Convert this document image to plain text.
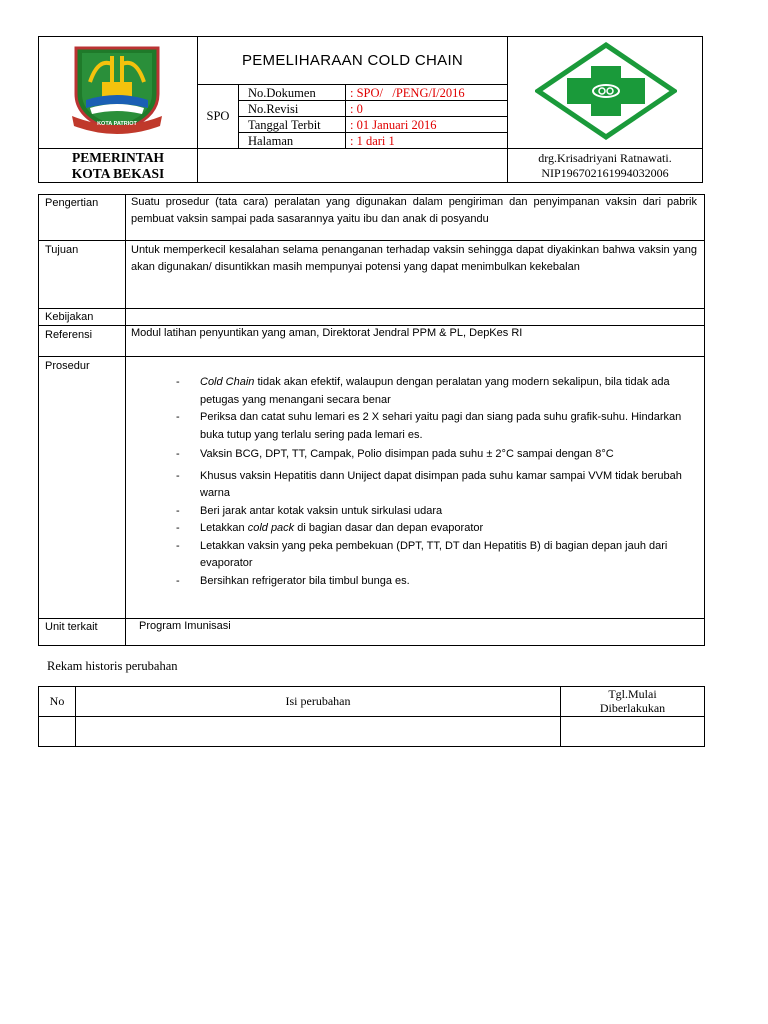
KOTA PATRIOT
PEMELIHARAAN COLD CHAIN
SPO
No.Dokumen	: SPO/   /PENG/I/2016
No.Revisi	: 0
Tanggal Terbit : 01 Januari 2016
Halaman	: 1 dari 1
PEMERINTAH
KOTA BEKASI
drg.Krisadriyani Ratnawati.
NIP196702161994032006
Pengertian	Suatu prosedur (tata cara) peralatan yang digunakan dalam pengiriman dan penyimpanan vaksin dari pabrik pembuat vaksin sampai pada sasarannya yaitu ibu dan anak di posyandu
Tujuan	Untuk memperkecil kesalahan selama penanganan terhadap vaksin sehingga dapat diyakinkan bahwa vaksin yang akan digunakan/ disuntikkan masih mempunyai potensi yang dapat menimbulkan kekebalan
Kebijakan
Referensi	Modul latihan penyuntikan yang aman, Direktorat Jendral PPM & PL, DepKes RI
Prosedur
- Cold Chain tidak akan efektif, walaupun dengan peralatan yang modern sekalipun, bila tidak ada petugas yang menangani secara benar
- Periksa dan catat suhu lemari es 2 X sehari yaitu pagi dan siang pada suhu grafik-suhu. Hindarkan buka tutup yang terlalu sering pada lemari es.
- Vaksin BCG, DPT, TT, Campak, Polio disimpan pada suhu ± 2°C sampai dengan 8°C
- Khusus vaksin Hepatitis dann Uniject dapat disimpan pada suhu kamar sampai VVM tidak berubah warna
- Beri jarak antar kotak vaksin untuk sirkulasi udara
- Letakkan cold pack di bagian dasar dan depan evaporator
- Letakkan vaksin yang peka pembekuan (DPT, TT, DT dan Hepatitis B) di bagian depan jauh dari evaporator
- Bersihkan refrigerator bila timbul bunga es.
Unit terkait	Program Imunisasi
Rekam historis perubahan
No	Isi perubahan	Tgl.Mulai
Diberlakukan
